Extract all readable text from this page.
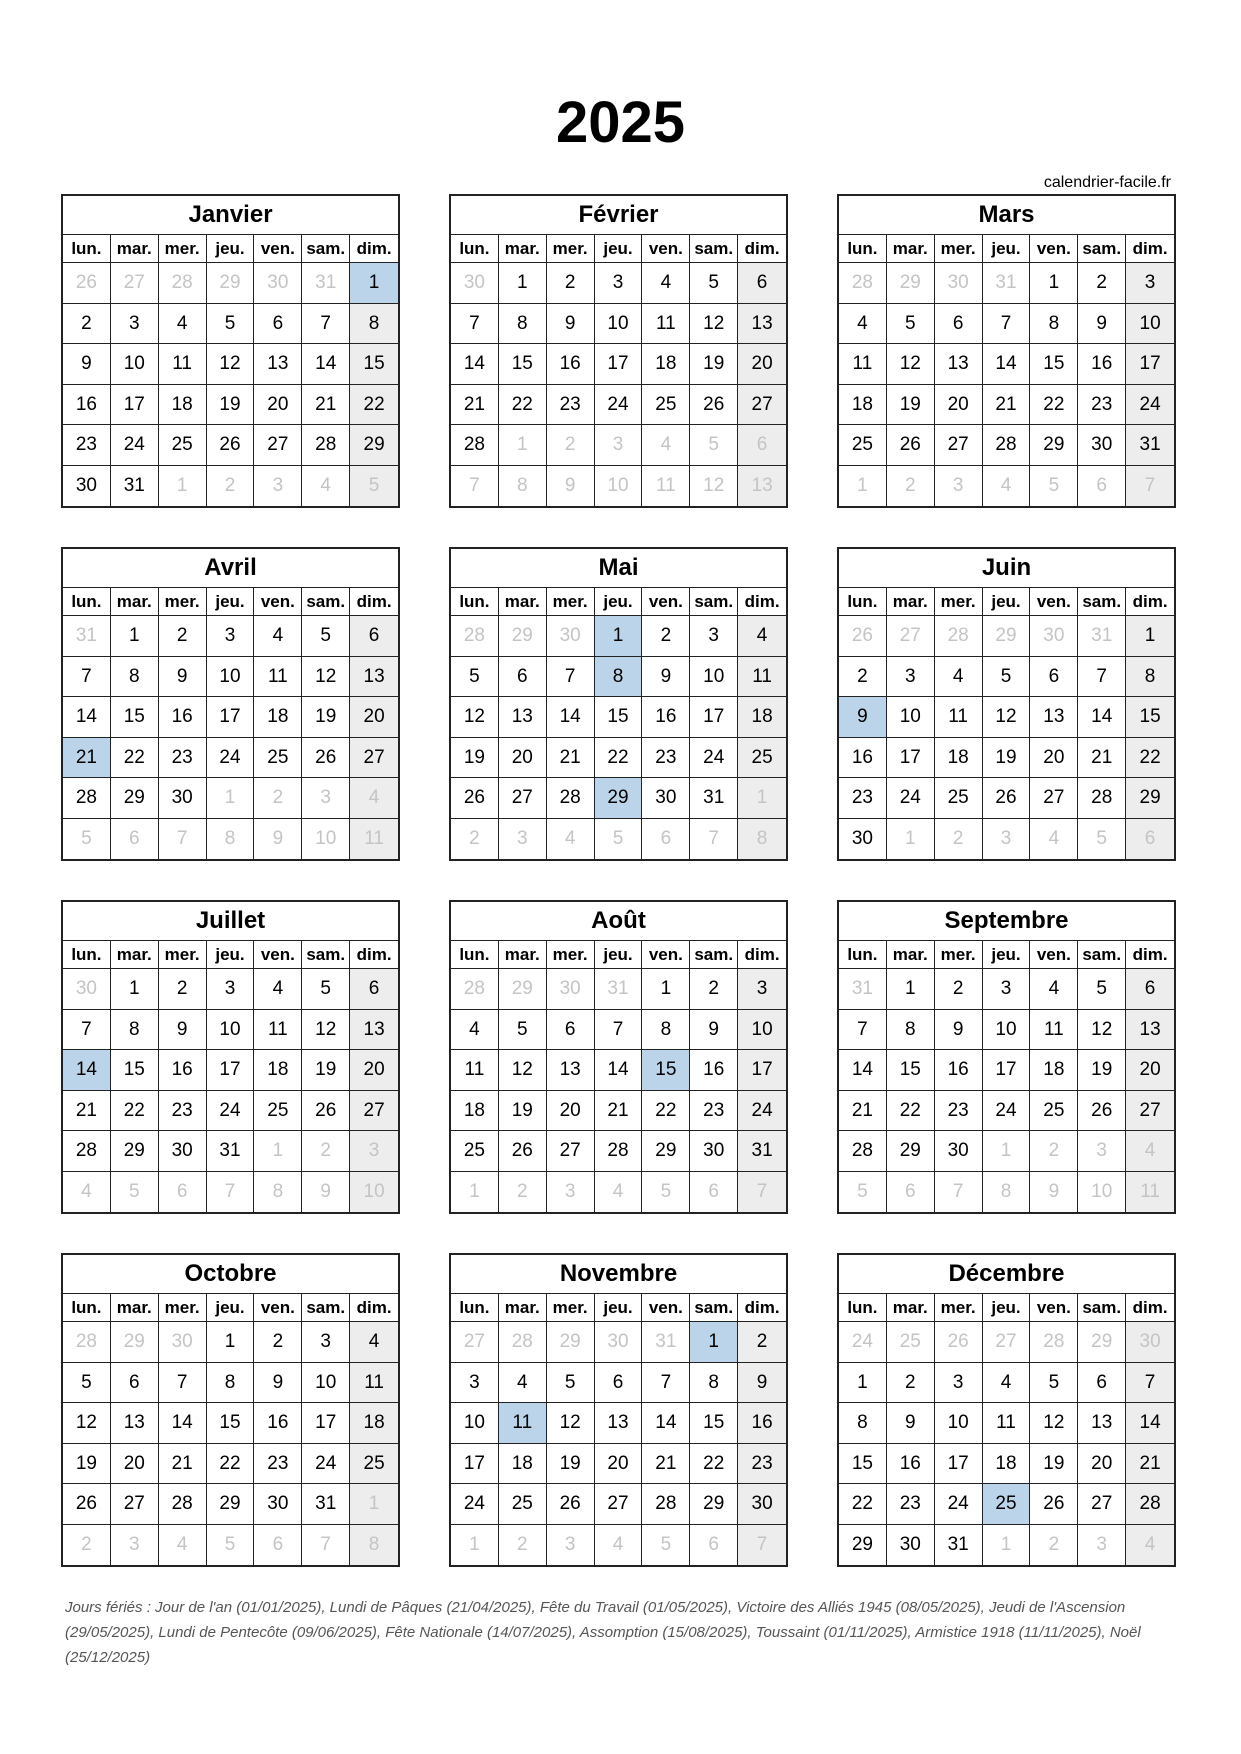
2025
calendrier-facile.fr
Janvier
lun. mar. mer. jeu. ven. sam. dim.
26	27	28	29	30	31	1
2	3	4	5	6	7	8
9	10	11	12	13	14	15
16	17	18	19	20	21	22
23	24	25	26	27	28	29
30	31	1	2	3	4	5
Février
lun. mar. mer. jeu. ven. sam. dim.
30	1	2	3	4	5	6
7	8	9	10	11	12	13
14	15	16	17	18	19	20
21	22	23	24	25	26	27
28	1	2	3	4	5	6
7	8	9	10	11	12	13
Mars
lun. mar. mer. jeu. ven. sam. dim.
28	29	30	31	1	2	3
4	5	6	7	8	9	10
11	12	13	14	15	16	17
18	19	20	21	22	23	24
25	26	27	28	29	30	31
1	2	3	4	5	6	7
Avril
lun. mar. mer. jeu. ven. sam. dim.
31	1	2	3	4	5	6
7	8	9	10	11	12	13
14	15	16	17	18	19	20
21	22	23	24	25	26	27
28	29	30	1	2	3	4
5	6	7	8	9	10	11
Mai
lun. mar. mer. jeu. ven. sam. dim.
28	29	30	1	2	3	4
5	6	7	8	9	10	11
12	13	14	15	16	17	18
19	20	21	22	23	24	25
26	27	28	29	30	31	1
2	3	4	5	6	7	8
Juin
lun. mar. mer. jeu. ven. sam. dim.
26	27	28	29	30	31	1
2	3	4	5	6	7	8
9	10	11	12	13	14	15
16	17	18	19	20	21	22
23	24	25	26	27	28	29
30	1	2	3	4	5	6
Juillet
lun. mar. mer. jeu. ven. sam. dim.
30	1	2	3	4	5	6
7	8	9	10	11	12	13
14	15	16	17	18	19	20
21	22	23	24	25	26	27
28	29	30	31	1	2	3
4	5	6	7	8	9	10
Août
lun. mar. mer. jeu. ven. sam. dim.
28	29	30	31	1	2	3
4	5	6	7	8	9	10
11	12	13	14	15	16	17
18	19	20	21	22	23	24
25	26	27	28	29	30	31
1	2	3	4	5	6	7
Septembre
lun. mar. mer. jeu. ven. sam. dim.
31	1	2	3	4	5	6
7	8	9	10	11	12	13
14	15	16	17	18	19	20
21	22	23	24	25	26	27
28	29	30	1	2	3	4
5	6	7	8	9	10	11
Octobre
lun. mar. mer. jeu. ven. sam. dim.
28	29	30	1	2	3	4
5	6	7	8	9	10	11
12	13	14	15	16	17	18
19	20	21	22	23	24	25
26	27	28	29	30	31	1
2	3	4	5	6	7	8
Novembre
lun. mar. mer. jeu. ven. sam. dim.
27	28	29	30	31	1	2
3	4	5	6	7	8	9
10	11	12	13	14	15	16
17	18	19	20	21	22	23
24	25	26	27	28	29	30
1	2	3	4	5	6	7
Décembre
lun. mar. mer. jeu. ven. sam. dim.
24	25	26	27	28	29	30
1	2	3	4	5	6	7
8	9	10	11	12	13	14
15	16	17	18	19	20	21
22	23	24	25	26	27	28
29	30	31	1	2	3	4
Jours fériés : Jour de l'an (01/01/2025), Lundi de Pâques (21/04/2025), Fête du Travail (01/05/2025), Victoire des Alliés 1945 (08/05/2025), Jeudi de l'Ascension (29/05/2025), Lundi de Pentecôte (09/06/2025), Fête Nationale (14/07/2025), Assomption (15/08/2025), Toussaint (01/11/2025), Armistice 1918 (11/11/2025), Noël (25/12/2025)
